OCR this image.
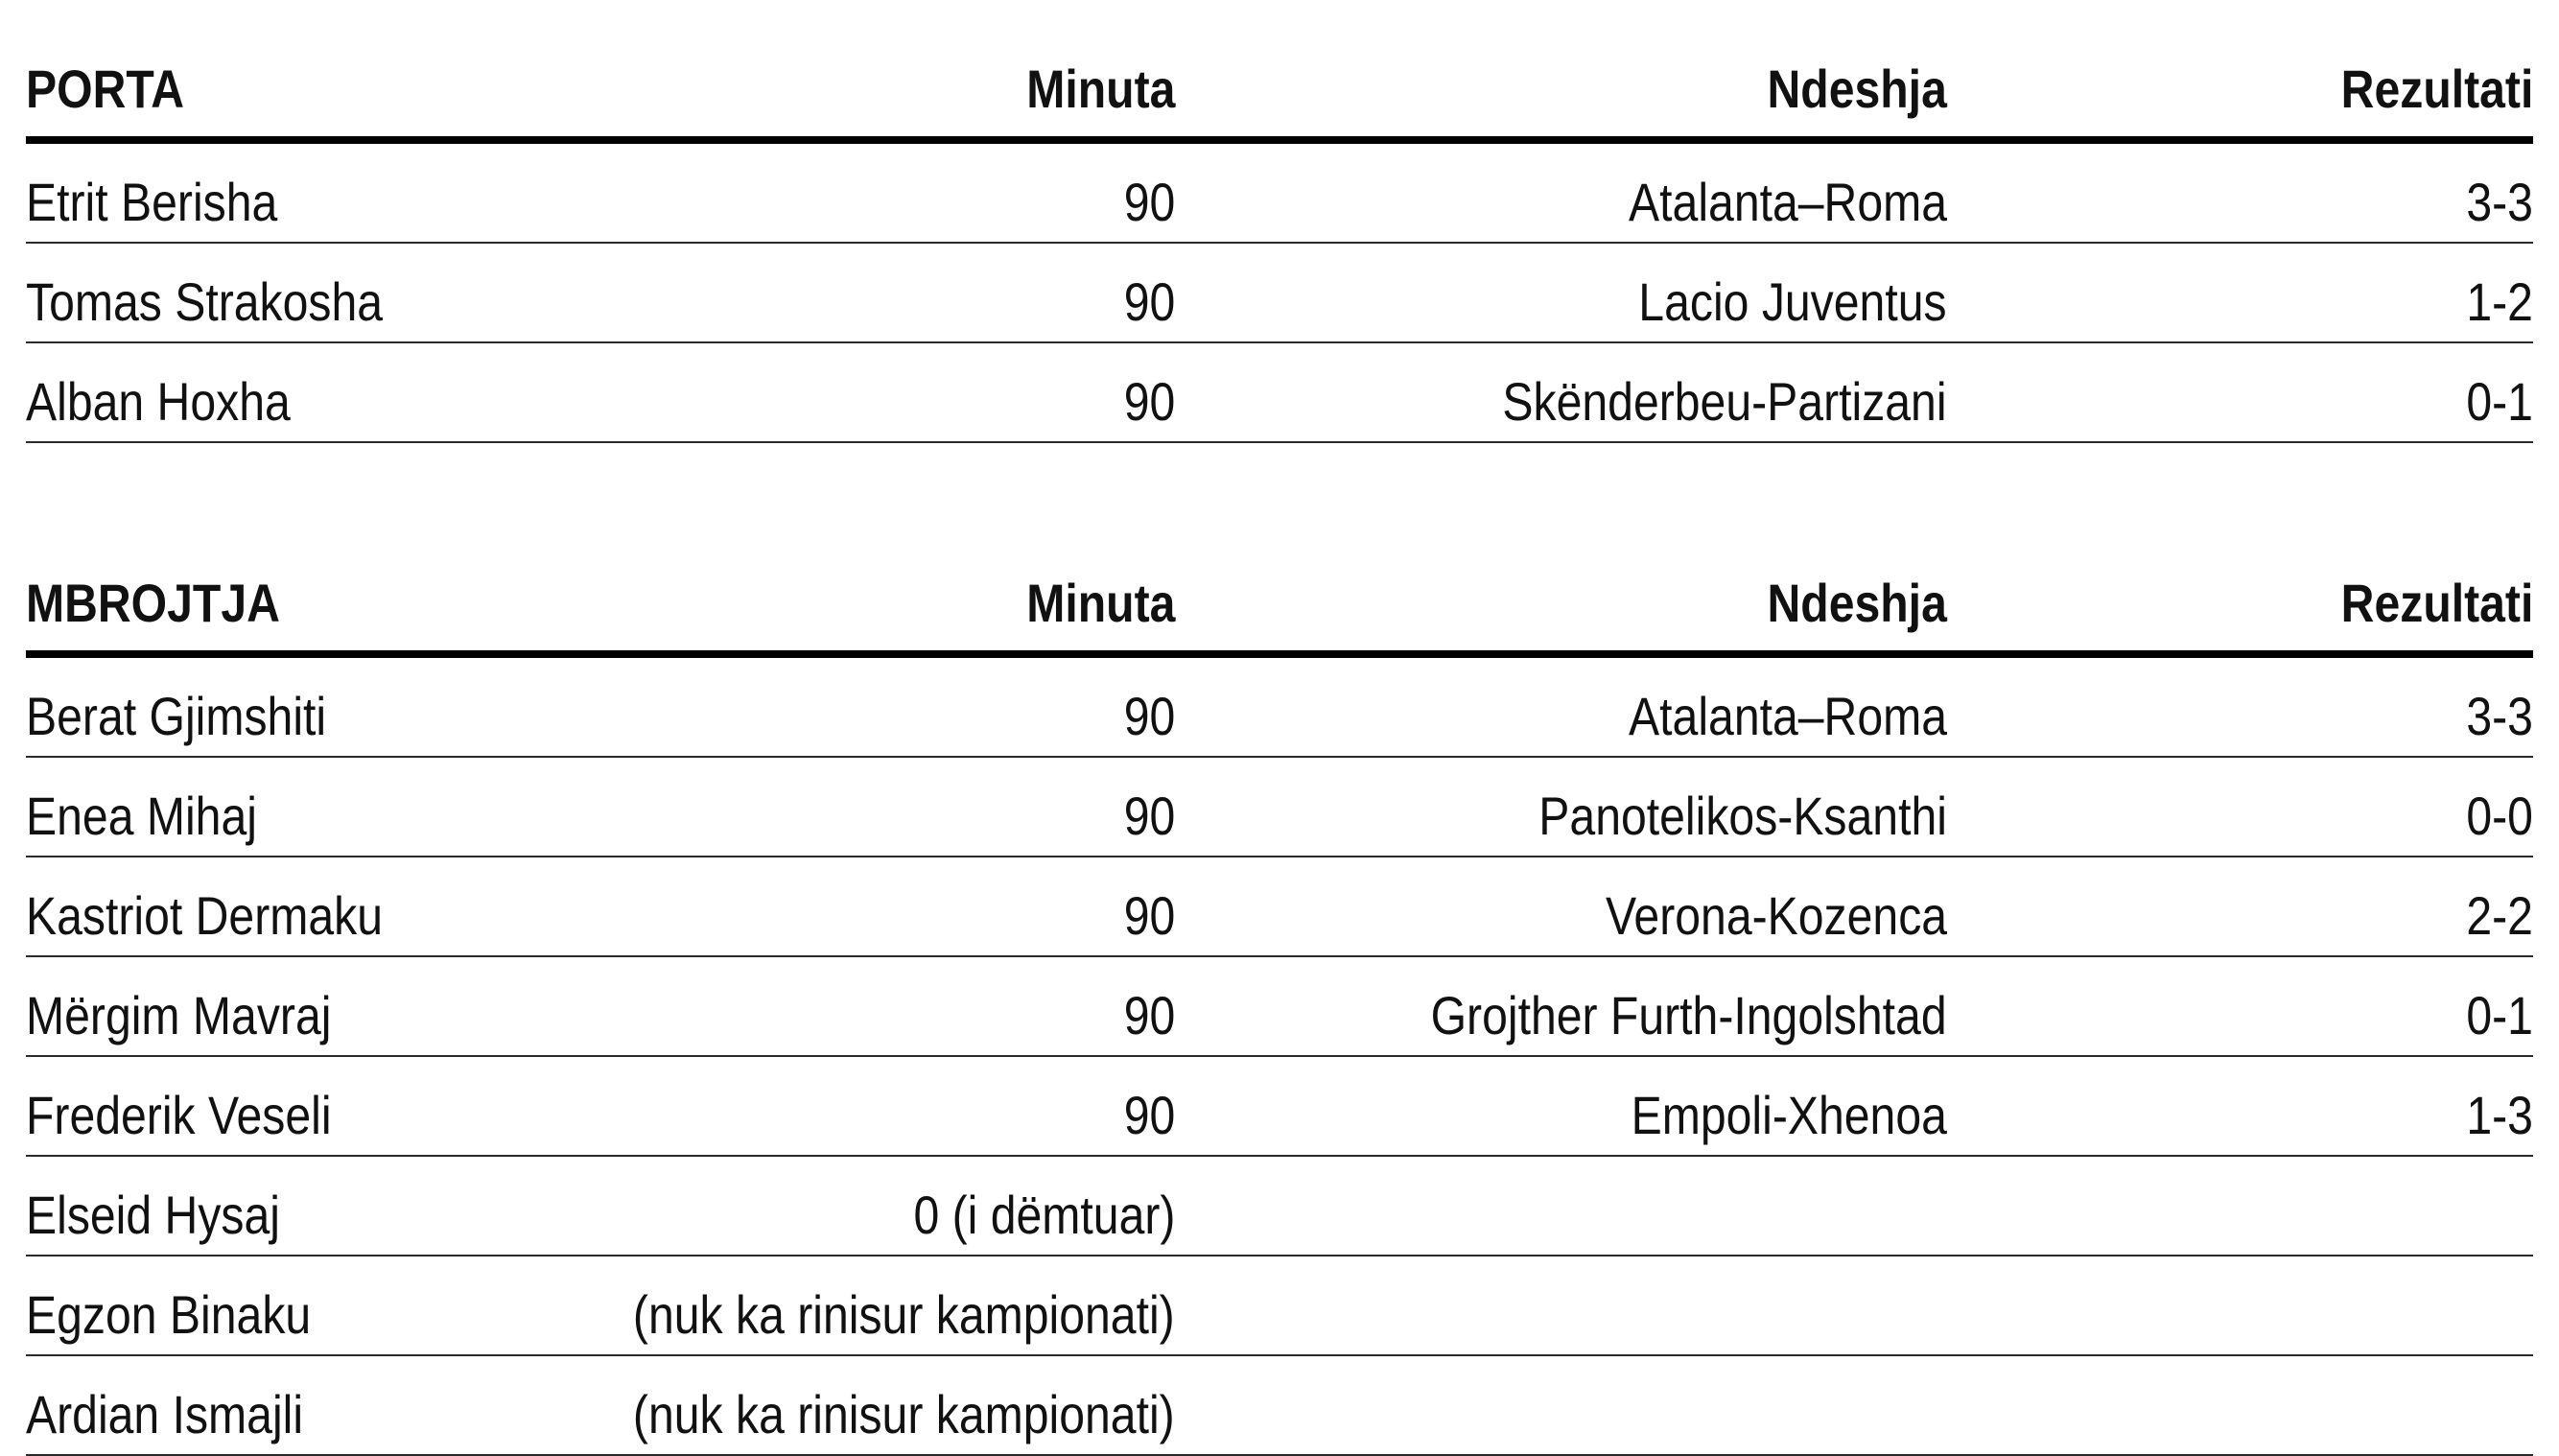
PORTA	Minuta	Ndeshja	Rezultati
Etrit Berisha	90	Atalanta–Roma	3-3
Tomas Strakosha	90	Lacio Juventus	1-2
Alban Hoxha	90	Skënderbeu-Partizani	0-1
MBROJTJA	Minuta	Ndeshja	Rezultati
Berat Gjimshiti	90	Atalanta–Roma	3-3
Enea Mihaj	90	Panotelikos-Ksanthi	0-0
Kastriot Dermaku	90	Verona-Kozenca	2-2
Mërgim Mavraj	90	Grojther Furth-Ingolshtad	0-1
Frederik Veseli	90	Empoli-Xhenoa	1-3
Elseid Hysaj	0 (i dëmtuar)
Egzon Binaku	(nuk ka rinisur kampionati)
Ardian Ismajli	(nuk ka rinisur kampionati)
